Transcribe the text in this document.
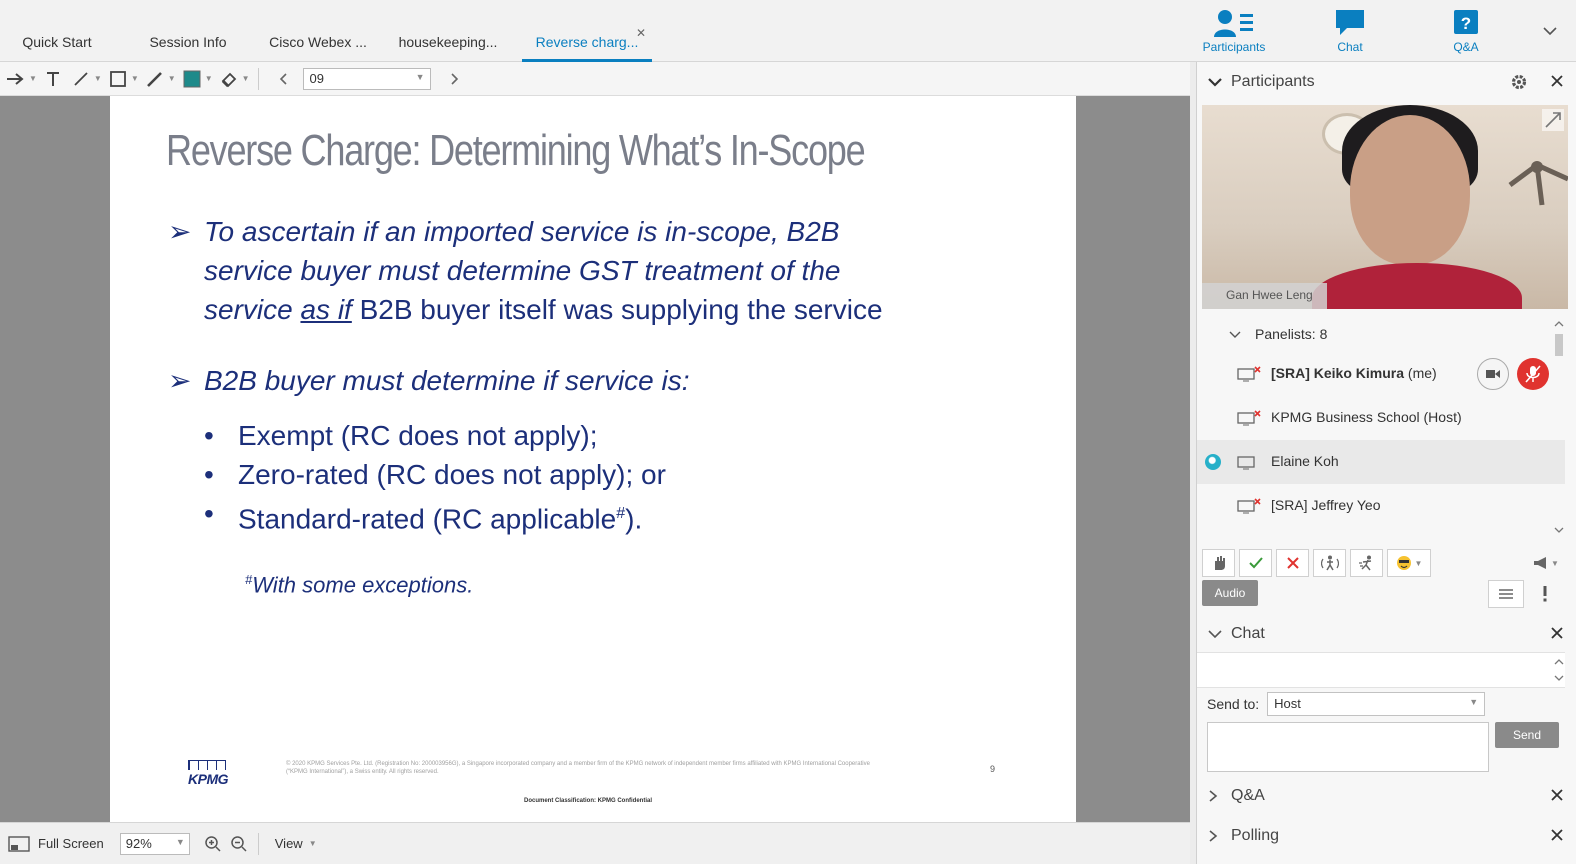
Quick Start	Session Info	Cisco Webex ...	housekeeping...	Reverse charg...
✕
Participants	Chat
?
Q&A
▼	▼	▼	▼	▼	▼	09	▼
Reverse Charge: Determining What’s In-Scope
➢ To ascertain if an imported service is in-scope, B2B
service buyer must determine GST treatment of the
service as if B2B buyer itself was supplying the service
➢ B2B buyer must determine if service is:
• Exempt (RC does not apply);
• Zero-rated (RC does not apply); or
• Standard-rated (RC applicable#).
#With some exceptions.
KPMG
© 2020 KPMG Services Pte. Ltd. (Registration No: 200003956G), a Singapore incorporated company and a member firm of the KPMG network of independent member firms affiliated with KPMG International Cooperative (“KPMG International”), a Swiss entity. All rights reserved.	9
Document Classification: KPMG Confidential
Full Screen	92%	▼	View ▼
Participants
Gan Hwee Leng
Panelists: 8
[SRA] Keiko Kimura (me)
KPMG Business School (Host)
Elaine Koh
[SRA] Jeffrey Yeo
▼	▼
Audio
Chat
Send to:	Host	▼
Send
Q&A
Polling
